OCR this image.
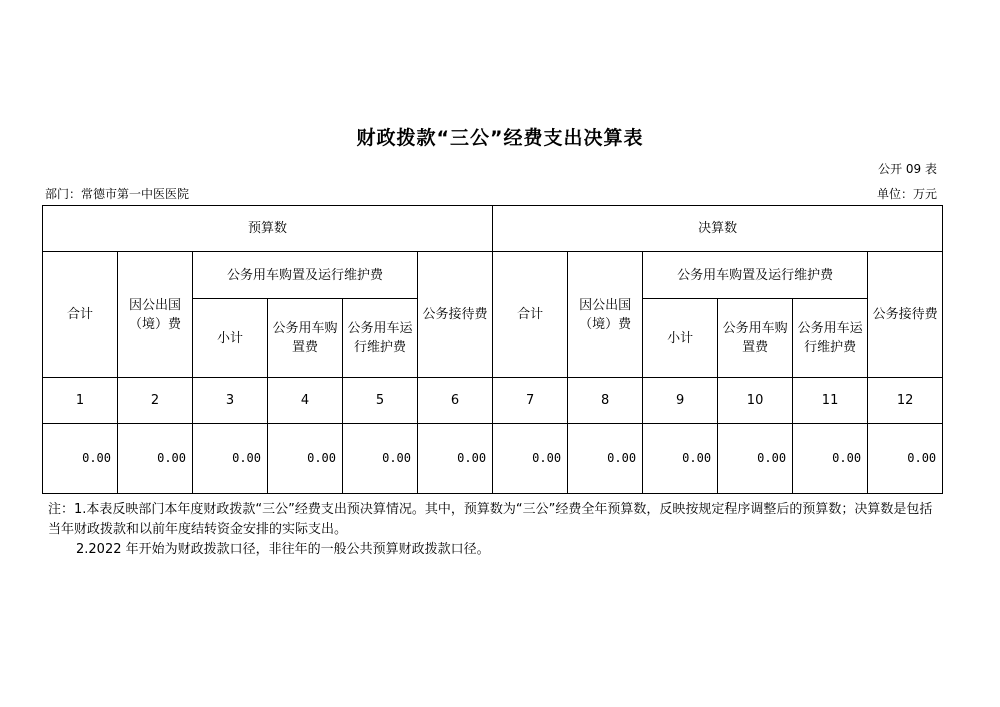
财政拨款“三公”经费支出决算表
公开 09 表
部门：常德市第一中医医院	单位：万元
预算数						决算数					
合计	因公出国（境）费	公务用车购置及运行维护费			公务接待费	合计	因公出国（境）费	公务用车购置及运行维护费			公务接待费
		小计	公务用车购置费	公务用车运行维护费				小计	公务用车购置费	公务用车运行维护费	
1	2	3	4	5	6	7	8	9	10	11	12
0.00	0.00	0.00	0.00	0.00	0.00	0.00	0.00	0.00	0.00	0.00	0.00

注：1.本表反映部门本年度财政拨款“三公”经费支出预决算情况。其中，预算数为“三公”经费全年预算数，反映按规定程序调整后的预算数；决算数是包括当年财政拨款和以前年度结转资金安排的实际支出。

2.2022 年开始为财政拨款口径，非往年的一般公共预算财政拨款口径。
